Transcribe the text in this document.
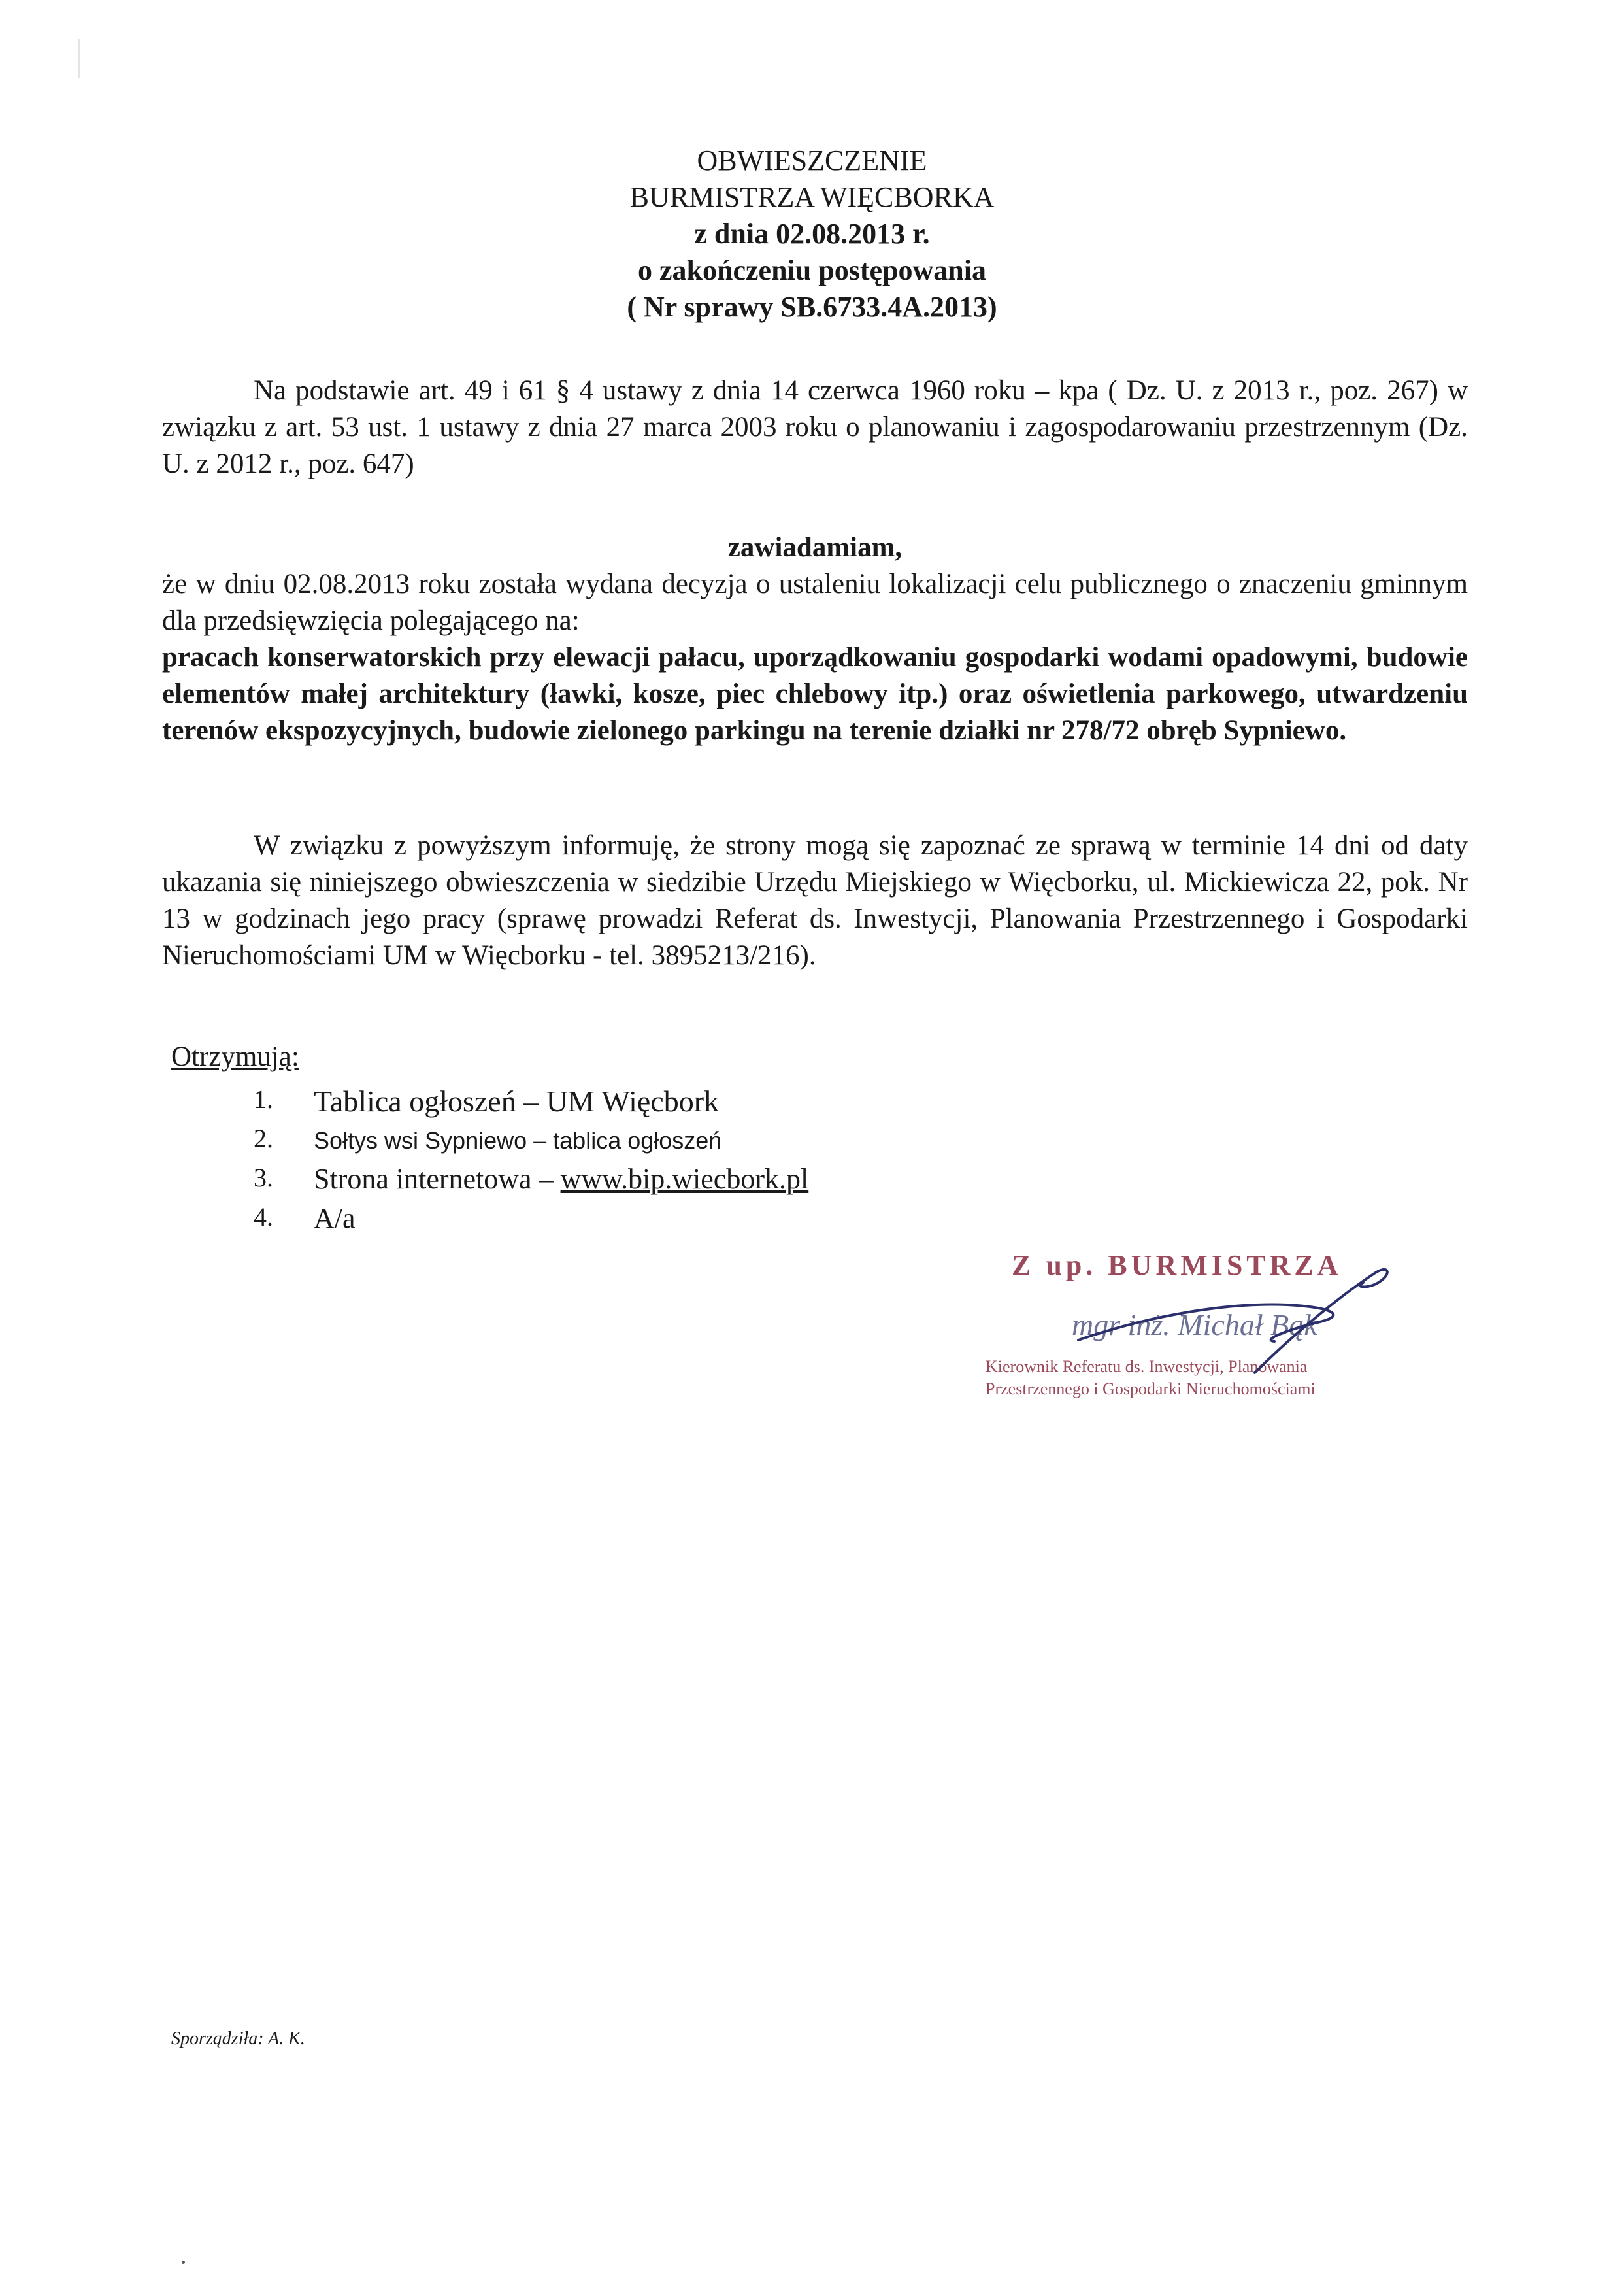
OBWIESZCZENIE
BURMISTRZA WIĘCBORKA
z dnia 02.08.2013 r.
o zakończeniu postępowania
( Nr sprawy SB.6733.4A.2013)
Na podstawie art. 49 i 61 § 4 ustawy z dnia 14 czerwca 1960 roku – kpa ( Dz. U. z 2013 r., poz. 267) w związku z art. 53 ust. 1 ustawy z dnia 27 marca 2003 roku o planowaniu i zagospodarowaniu przestrzennym (Dz. U. z 2012 r., poz. 647)
zawiadamiam,
że w dniu 02.08.2013 roku została wydana decyzja o ustaleniu lokalizacji celu publicznego o znaczeniu gminnym dla przedsięwzięcia polegającego na:
pracach konserwatorskich przy elewacji pałacu, uporządkowaniu gospodarki wodami opadowymi, budowie elementów małej architektury (ławki, kosze, piec chlebowy itp.) oraz oświetlenia parkowego, utwardzeniu terenów ekspozycyjnych, budowie zielonego parkingu na terenie działki nr 278/72 obręb Sypniewo.
W związku z powyższym informuję, że strony mogą się zapoznać ze sprawą w terminie 14 dni od daty ukazania się niniejszego obwieszczenia w siedzibie Urzędu Miejskiego w Więcborku, ul. Mickiewicza 22, pok. Nr 13 w godzinach jego pracy (sprawę prowadzi Referat ds. Inwestycji, Planowania Przestrzennego i Gospodarki Nieruchomościami UM w Więcborku - tel. 3895213/216).
Otrzymują:
1.	Tablica ogłoszeń – UM Więcbork
2.	Sołtys wsi Sypniewo – tablica ogłoszeń
3.	Strona internetowa – www.bip.wiecbork.pl
4.	A/a
Z up. BURMISTRZA
mgr inż. Michał Bąk
Kierownik Referatu ds. Inwestycji, Planowania
Przestrzennego i Gospodarki Nieruchomościami
Sporządziła: A. K.
